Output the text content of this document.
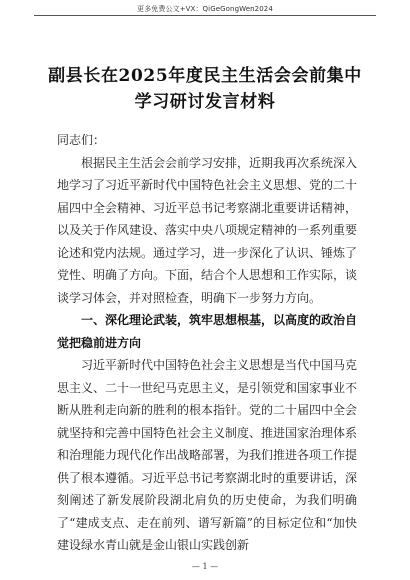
更多免费公文+VX：QiGeGongWen2024
副县长在2025年度民主生活会会前集中
学习研讨发言材料

同志们：

根据民主生活会会前学习安排，近期我再次系统深入地学习了习近平新时代中国特色社会主义思想、党的二十届四中全会精神、习近平总书记考察湖北重要讲话精神，以及关于作风建设、落实中央八项规定精神的一系列重要论述和党内法规。通过学习，进一步深化了认识、锤炼了党性、明确了方向。下面，结合个人思想和工作实际，谈谈学习体会，并对照检查，明确下一步努力方向。

一、深化理论武装，筑牢思想根基，以高度的政治自觉把稳前进方向

习近平新时代中国特色社会主义思想是当代中国马克思主义、二十一世纪马克思主义，是引领党和国家事业不断从胜利走向新的胜利的根本指针。党的二十届四中全会就坚持和完善中国特色社会主义制度、推进国家治理体系和治理能力现代化作出战略部署，为我们推进各项工作提供了根本遵循。习近平总书记考察湖北时的重要讲话，深刻阐述了新发展阶段湖北肩负的历史使命，为我们明确了“建成支点、走在前列、谱写新篇”的目标定位和“加快建设绿水青山就是金山银山实践创新

— 1 —
